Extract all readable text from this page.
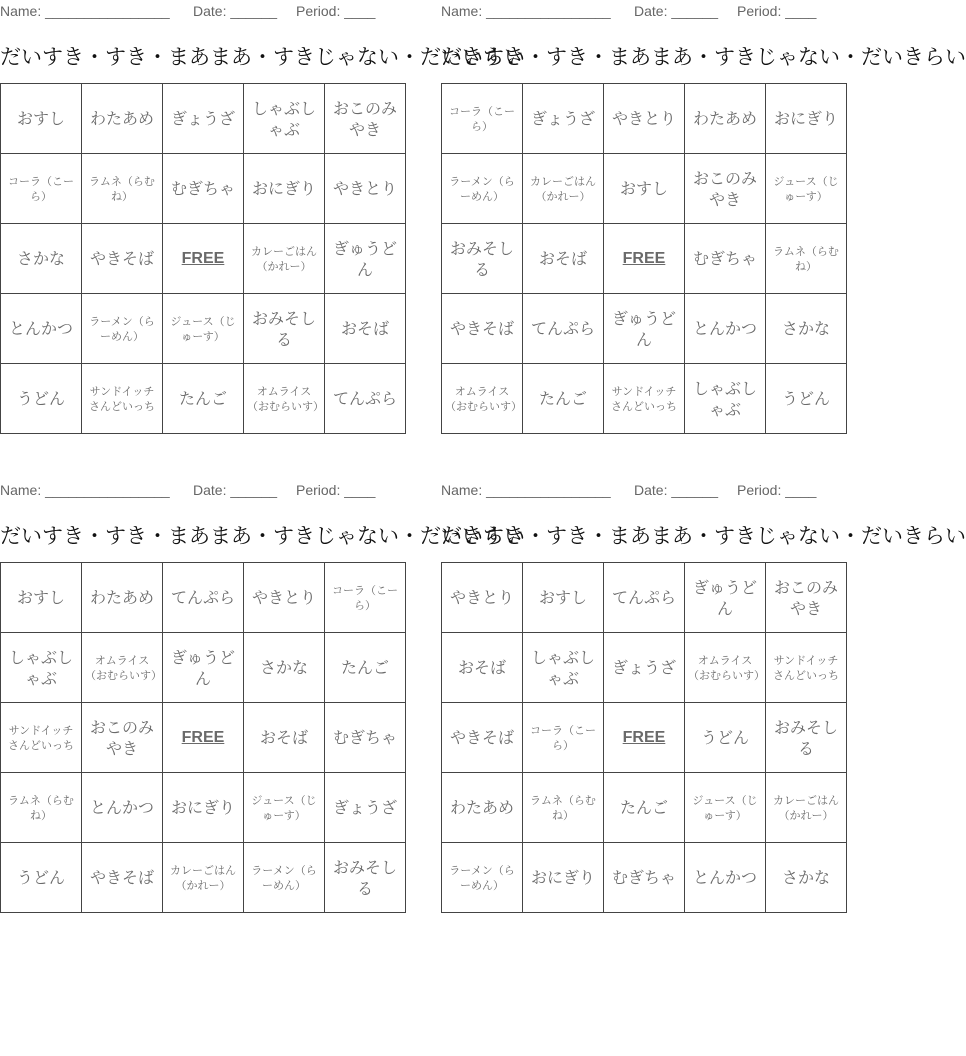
Name: ________________ Date: ______ Period: ____
だいすき・すき・まあまあ・すきじゃない・だいきらい
おすし	わたあめ	ぎょうざ	しゃぶしゃぶ	おこのみやき
コーラ（こーら）	ラムネ（らむね）	むぎちゃ	おにぎり	やきとり
さかな	やきそば	FREE	カレーごはん（かれー）	ぎゅうどん
とんかつ	ラーメン（らーめん）	ジュース（じゅーす）	おみそしる	おそば
うどん	サンドイッチさんどいっち	たんご	オムライス（おむらいす）	てんぷら
Name: ________________ Date: ______ Period: ____
だいすき・すき・まあまあ・すきじゃない・だいきらい
コーラ（こーら）	ぎょうざ	やきとり	わたあめ	おにぎり
ラーメン（らーめん）	カレーごはん（かれー）	おすし	おこのみやき	ジュース（じゅーす）
おみそしる	おそば	FREE	むぎちゃ	ラムネ（らむね）
やきそば	てんぷら	ぎゅうどん	とんかつ	さかな
オムライス（おむらいす）	たんご	サンドイッチさんどいっち	しゃぶしゃぶ	うどん
Name: ________________ Date: ______ Period: ____
だいすき・すき・まあまあ・すきじゃない・だいきらい
おすし	わたあめ	てんぷら	やきとり	コーラ（こーら）
しゃぶしゃぶ	オムライス（おむらいす）	ぎゅうどん	さかな	たんご
サンドイッチさんどいっち	おこのみやき	FREE	おそば	むぎちゃ
ラムネ（らむね）	とんかつ	おにぎり	ジュース（じゅーす）	ぎょうざ
うどん	やきそば	カレーごはん（かれー）	ラーメン（らーめん）	おみそしる
Name: ________________ Date: ______ Period: ____
だいすき・すき・まあまあ・すきじゃない・だいきらい
やきとり	おすし	てんぷら	ぎゅうどん	おこのみやき
おそば	しゃぶしゃぶ	ぎょうざ	オムライス（おむらいす）	サンドイッチさんどいっち
やきそば	コーラ（こーら）	FREE	うどん	おみそしる
わたあめ	ラムネ（らむね）	たんご	ジュース（じゅーす）	カレーごはん（かれー）
ラーメン（らーめん）	おにぎり	むぎちゃ	とんかつ	さかな
